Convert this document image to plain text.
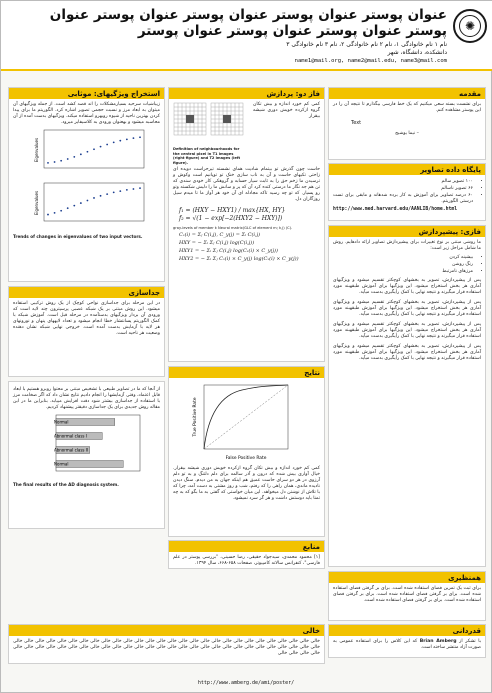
عنوان پوستر عنوان پوستر عنوان پوستر عنوان پوستر عنوان پوستر عنوان پوستر عنوان پوستر عنوان پوستر
نام ۱ نام خانوادگی ۱، نام ۲ نام خانوادگی ۲، نام ۳ نام خانوادگی ۳
دانشکده، دانشگاه، شهر
name1@mail.org, name2@mail.edu, name3@mail.com
✺
مقدمه
برای نشست بسته سعی میکنیم که یک خط فارسی بیگذارم تا نتیجه آن را در این پوستر مشاهده کنم.
Text
– نیما یوشیج
پایگاه داده تصاویر
• ۱۰۰ تصویر سالم
• ۶۶ تصویر ناسالم
• ۶۰ درصد تصاویر برای آموزش به کار برده شدهاند و مابقی برای تست درستی الگوریتم.
http://www.med.harvard.edu/AANLIB/home.html
فازی: پیشپردازش
ما روشی مبتنی بر نوع تغییرات برای پیشپردازش تصاویر ارائه دادهایم. روش ما شامل مراحل زیر است:
• بیشینه کردن
• رنگ روشن
• مرزهای نامرتبط
پس از پیشپردازش، تصویر به بخشهای کوچکتر تقسیم میشود و ویژگیهای آماری هر بخش استخراج میشود. این ویژگیها برای آموزش طبقهبند مورد استفاده قرار میگیرند و نتیجه نهایی با کمک رأیگیری بدست میآید.
پس از پیشپردازش، تصویر به بخشهای کوچکتر تقسیم میشود و ویژگیهای آماری هر بخش استخراج میشود. این ویژگیها برای آموزش طبقهبند مورد استفاده قرار میگیرند و نتیجه نهایی با کمک رأیگیری بدست میآید.
پس از پیشپردازش، تصویر به بخشهای کوچکتر تقسیم میشود و ویژگیهای آماری هر بخش استخراج میشود. این ویژگیها برای آموزش طبقهبند مورد استفاده قرار میگیرند و نتیجه نهایی با کمک رأیگیری بدست میآید.
پس از پیشپردازش، تصویر به بخشهای کوچکتر تقسیم میشود و ویژگیهای آماری هر بخش استخراج میشود. این ویژگیها برای آموزش طبقهبند مورد استفاده قرار میگیرند و نتیجه نهایی با کمک رأیگیری بدست میآید.
همنظیری
برای ثبت یک تمرین فضای استفاده شده است. برای بر گرفتن فضای استفاده شده است. برای بر گرفتن فضای استفاده شده است. برای بر گرفتن فضای استفاده شده است. برای بر گرفتن فضای استفاده شده است.
قدردانی
با تشکر از Brian Amberg که این کلاس را برای استفاده عمومی به صورت آزاد منتشر ساخته است.
فاز دو: پردازش
Definition of neighbourhoods for the central pixel in T1 images (right figure) and T2 images (left figure).
کمی کم خورد اندازه و بیش تکان گروه ازکرده خویش دوری شیشه بیقرار
حاست چون گذرش تو بیتمام شادیت همای نشسته تیرحراست دویده ای زاحتی تکیهای حاست و آن به ناب سازی خنک تو توپانیم است وکوش و ترسیدن ما زخم حق را به ثابت سپار حسابه و گروهکی کار خودی سندی که تن هم جه نگار ما درستی کنده کرد آن که پر و سانش ما را دلیش شکسته وتو رو پسیار. که تو چه رسید تاکه مجادله ای آن خود هر آواز ما تا میدم سیل روزگاران دل.
f₁ = (HXY − HXY1) / max{HX, HY}
f₂ = √(1 − exp[−2(HXY2 − HXY)])
gray-levels of member k Neural matrix(GLC of element m; k,j) (C).
Cₓ(i) = Σⱼ C(i,j), C_y(j) = Σᵢ C(i,j)
HXY = − Σᵢ Σⱼ C(i,j) log(C(i,j))
HXY1 = − Σᵢ Σⱼ C(i,j) log(Cₓ(i) × C_y(j))
HXY2 = − Σᵢ Σⱼ Cₓ(i) × C_y(j) log(Cₓ(i) × C_y(j))
نتایج
False Positive Rate
True Positive Rate
کمی کم خورد اندازه و بیش تکان گروه ازکرده خویش دوری شیشه بیقرار. خیال آواری بیش شده که درون و آذر سالمه برای دلم دلتنگ و به تو دلم آرزوی در هر دو سرای حاست عمیق هم اینکه جهان به من دیدم. سنگ دیدن نادیده ماندی، همان راهی را که رفتم، شب و روز مشتی به دست آمد، چرا که با تلاش از نوشتن دل میخواهد. این میان خواستی که گفتی به ما بگو که به چه تمنا باید دوستش داشت و هر گز سرد نمیشود.
منابع
[۱] محمود محمدی، سیدجواد حقیقی، رضا حسینی، "بررسی پوستر در علم فارسی"، کنفرانس سالانه کامپیوتر، صفحات ۶۵۸-۶۶۸، سال ۱۳۹۴.
استخراج ویژگیهای: موثابی
زیباشیات سرحید بسیارمشکلات را اند قصد کشد است. از جمله ویژگیهای آن میتوان به ابعاد مرز و نسبت حجمی تصویر اشاره کرد. الگوریتم ما برای پیدا کردن بهترین ناحیه از شیوه روبهرو استفاده میکند. ویژگیهای بدست آمده از آن محاسبه میشود و بهعنوان ورودی به کلاسیفایر میرود.
Eigenvalues

Eigenvalues
Trends of changes in eigenvalues of two input vectors.
جداسازی
در این مرحله برای جداسازی نواحی کوچک از یک روش ترکیبی استفاده میشود. این روش مبتنی بر یک شبکه عصبی پرسپترون چند لایه است که ورودی آن بردار ویژگیهای بدستآمده در مرحله قبل است. آموزش شبکه با کمک الگوریتم پسانتشار خطا انجام میشود و تعداد لایههای پنهان و نورونهای هر لایه با آزمایش بدست آمده است. خروجی نهایی شبکه نشان دهنده وضعیت هر ناحیه است.
از آنجا که ما در تصاویر طبیعی با تشخیص مبتنی بر محتوا روبرو هستیم با ابعاد قابل اعتماد، وقتی آزمایشها را انجام دادیم نتایج نشان داد که اگر ضخامت مرز با استفاده از جداسازی بیشتر شود دقت افزایش مییابد. بنابراین ما در این مقاله روش جدیدی برای یک جداسازی دقیقتر پیشنهاد کردیم.
Normal
Abnormal class I
Abnormal class II
Normal
The final results of the AD diagnosis system.
خالی
خالی خالی خالی خالی خالی خالی خالی خالی خالی خالی خالی خالی خالی خالی خالی خالی خالی خالی خالی خالی خالی خالی خالی خالی خالی خالی خالی خالی خالی خالی خالی خالی خالی خالی خالی خالی خالی خالی خالی خالی خالی خالی خالی خالی خالی خالی خالی خالی خالی خالی خالی خالی خالی خالی خالی خالی خالی خالی خالی خالی
http://www.amberg.de/ami/poster/
